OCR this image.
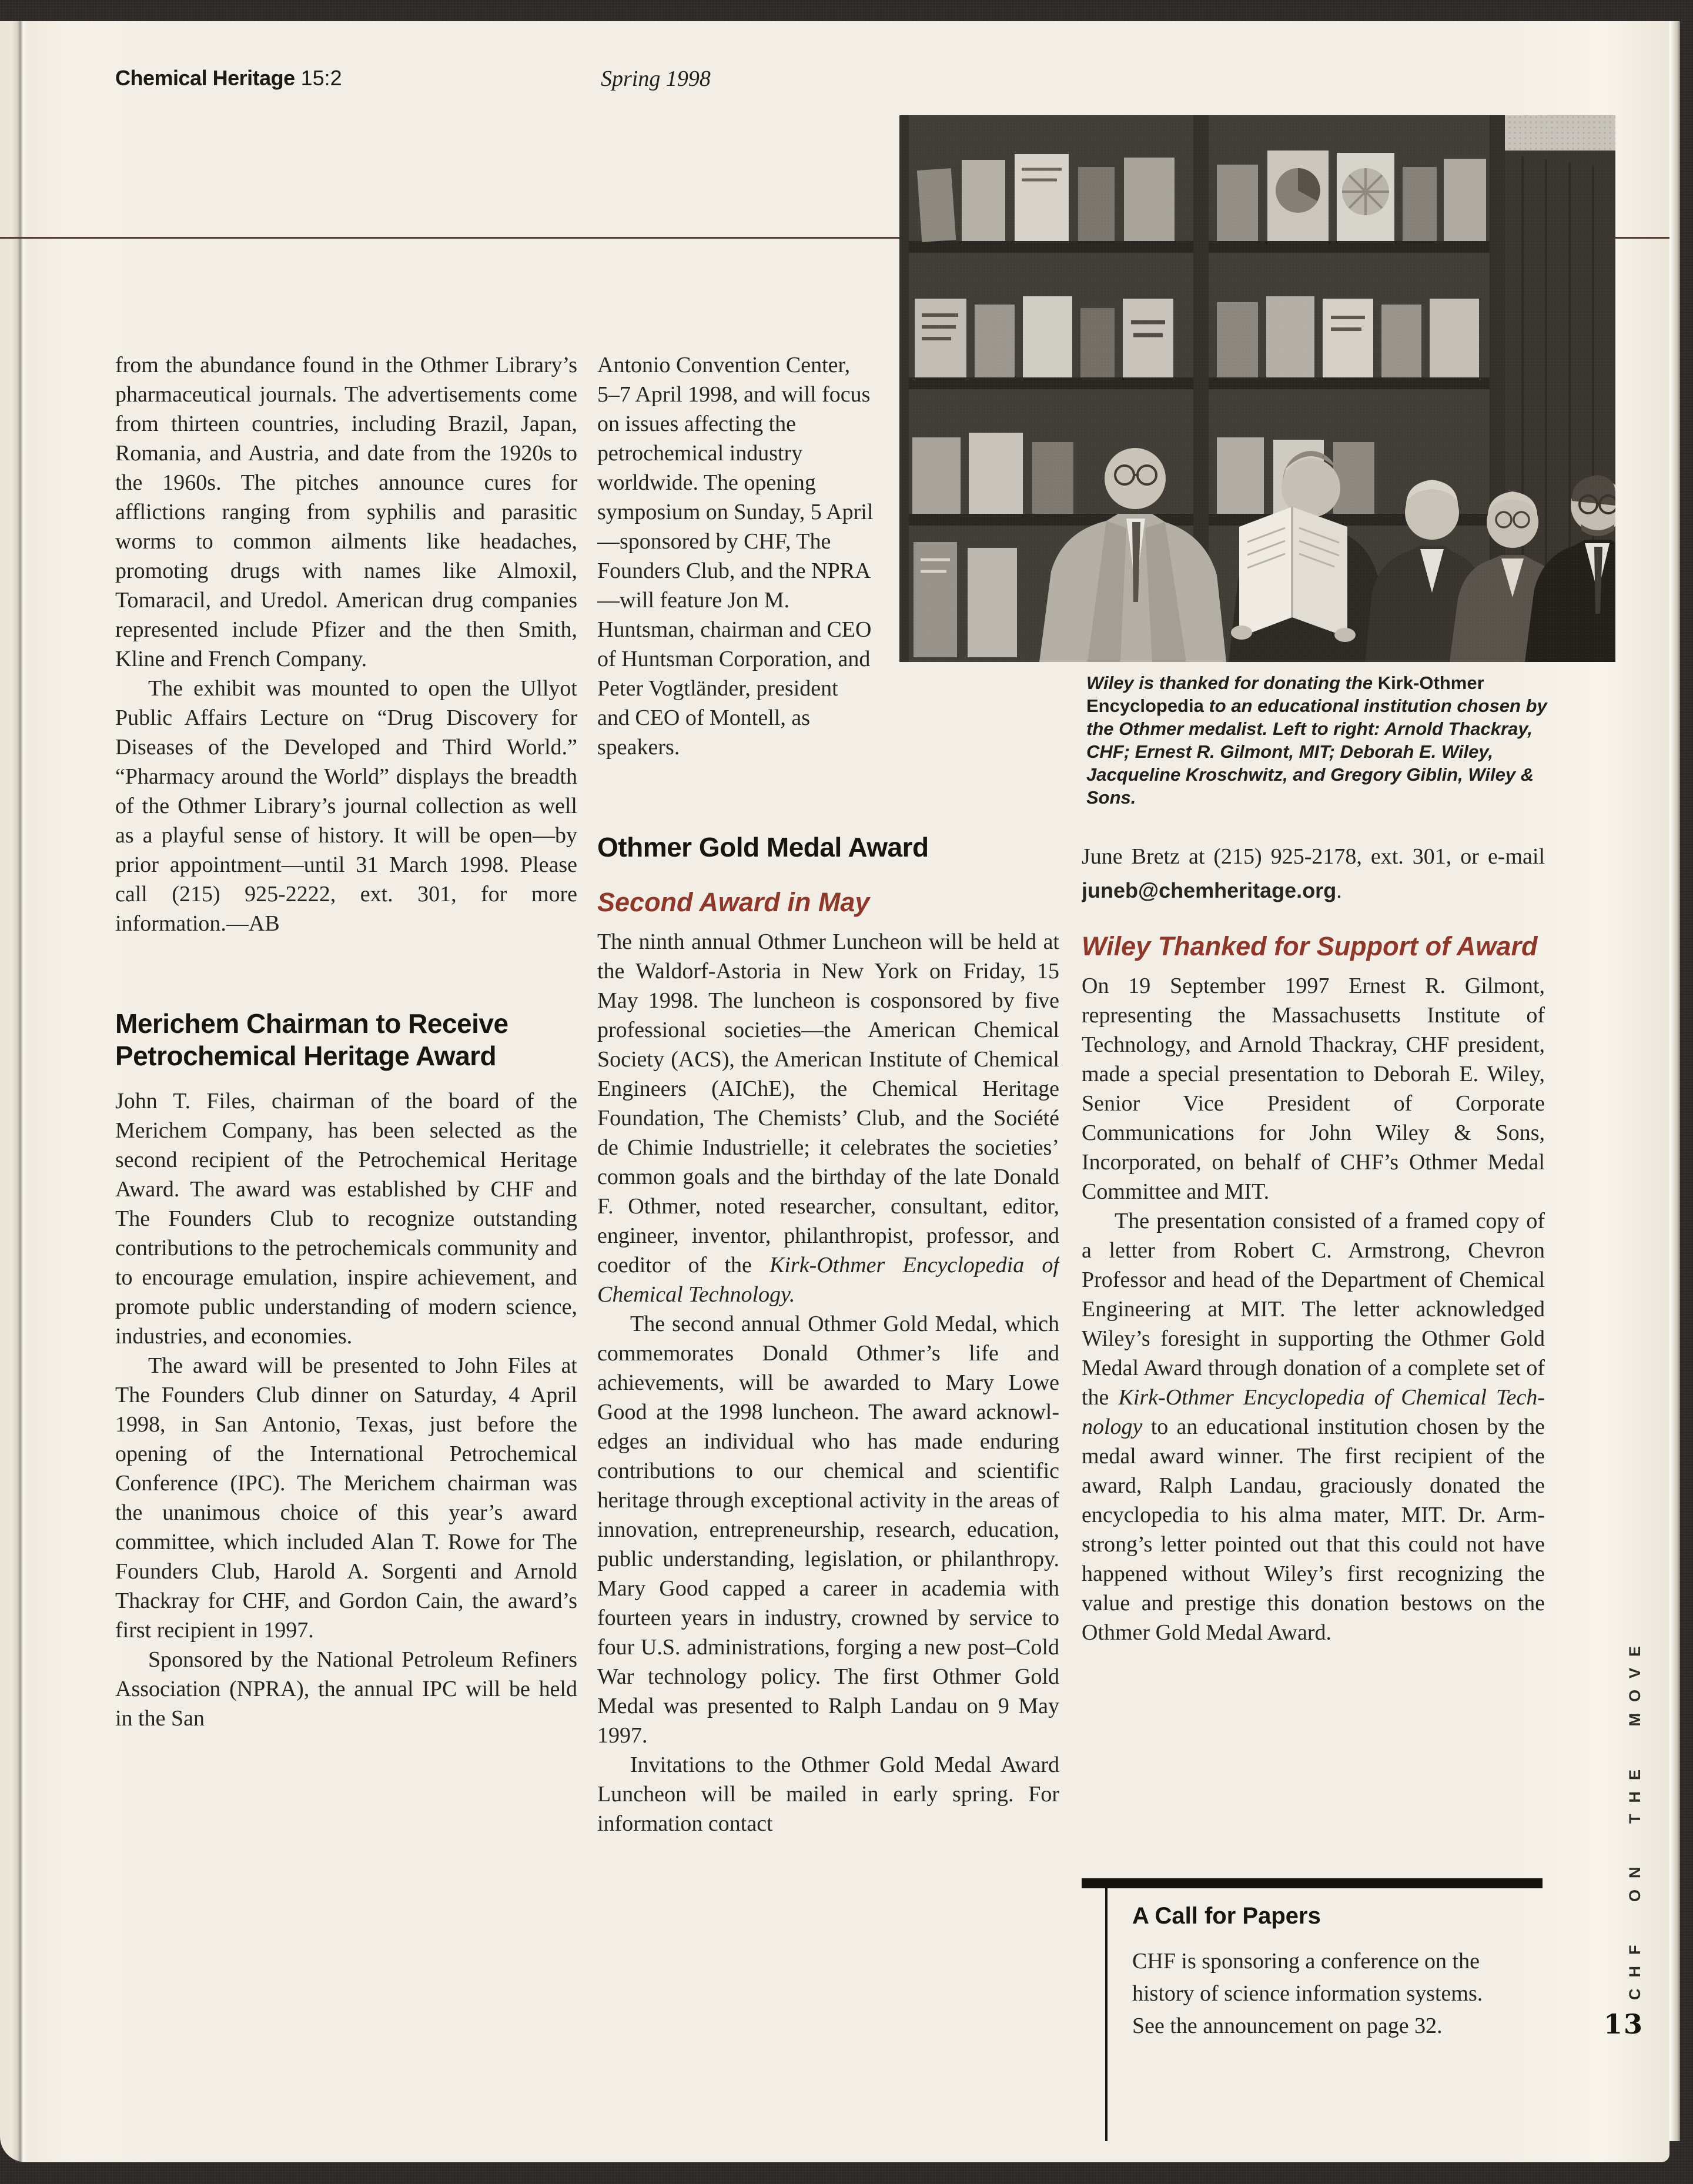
Chemical Heritage 15:2	Spring 1998
Wiley is thanked for donating the Kirk-Othmer Encyclopedia to an educational institution chosen by the Othmer medalist. Left to right: Arnold Thackray, CHF; Ernest R. Gilmont, MIT; Deborah E. Wiley, Jacqueline Kroschwitz, and Gregory Giblin, Wiley & Sons.
from the abundance found in the Othmer Library’s pharmaceutical journals. The advertisements come from thirteen countries, including Brazil, Japan, Romania, and Austria, and date from the 1920s to the 1960s. The pitches announce cures for afflictions ranging from syphilis and parasitic worms to common ailments like headaches, promoting drugs with names like Almoxil, Tomaracil, and Uredol. American drug companies represented include Pfizer and the then Smith, Kline and French Company.
The exhibit was mounted to open the Ullyot Public Affairs Lecture on “Drug Discovery for Diseases of the Developed and Third World.” “Pharmacy around the World” displays the breadth of the Othmer Library’s journal collection as well as a playful sense of history. It will be open—by prior appointment—until 31 March 1998. Please call (215) 925-2222, ext. 301, for more information.—AB
Merichem Chairman to Receive Petrochemical Heritage Award
John T. Files, chairman of the board of the Merichem Company, has been selected as the second recipient of the Petrochemical Heritage Award. The award was established by CHF and The Founders Club to recognize outstanding contributions to the petrochemicals community and to encourage emulation, inspire achievement, and promote public understanding of modern science, industries, and economies.
The award will be presented to John Files at The Founders Club dinner on Saturday, 4 April 1998, in San Antonio, Texas, just before the opening of the International Petrochemical Conference (IPC). The Merichem chairman was the unanimous choice of this year’s award committee, which included Alan T. Rowe for The Founders Club, Harold A. Sorgenti and Arnold Thackray for CHF, and Gordon Cain, the award’s first recipient in 1997.
Sponsored by the National Petroleum Refiners Association (NPRA), the annual IPC will be held in the San
Antonio Convention Center, 5–7 April 1998, and will focus on issues affecting the petrochemical industry worldwide. The opening symposium on Sunday, 5 April—sponsored by CHF, The Founders Club, and the NPRA—will feature Jon M. Huntsman, chairman and CEO of Huntsman Corporation, and Peter Vogtländer, president and CEO of Montell, as speakers.
Othmer Gold Medal Award
Second Award in May
The ninth annual Othmer Luncheon will be held at the Waldorf-Astoria in New York on Friday, 15 May 1998. The luncheon is cosponsored by five professional societies—the American Chemical Society (ACS), the American Institute of Chemical Engineers (AIChE), the Chemical Heritage Foundation, The Chemists’ Club, and the Société de Chimie Industrielle; it celebrates the societies’ common goals and the birthday of the late Donald F. Othmer, noted researcher, consultant, editor, engineer, inventor, philanthropist, professor, and coeditor of the Kirk-Othmer Encyclopedia of Chemical Technology.
The second annual Othmer Gold Medal, which commemorates Donald Othmer’s life and achievements, will be awarded to Mary Lowe Good at the 1998 luncheon. The award acknowledges an individual who has made enduring contributions to our chemical and scientific heritage through exceptional activity in the areas of innovation, entrepreneurship, research, education, public understanding, legislation, or philanthropy. Mary Good capped a career in academia with fourteen years in industry, crowned by service to four U.S. administrations, forging a new post–Cold War technology policy. The first Othmer Gold Medal was presented to Ralph Landau on 9 May 1997.
Invitations to the Othmer Gold Medal Award Luncheon will be mailed in early spring. For information contact
June Bretz at (215) 925-2178, ext. 301, or e-mail juneb@chemheritage.org.
Wiley Thanked for Support of Award
On 19 September 1997 Ernest R. Gilmont, representing the Massachusetts Institute of Technology, and Arnold Thackray, CHF president, made a special presentation to Deborah E. Wiley, Senior Vice President of Corporate Communications for John Wiley & Sons, Incorporated, on behalf of CHF’s Othmer Medal Committee and MIT.
The presentation consisted of a framed copy of a letter from Robert C. Armstrong, Chevron Professor and head of the Department of Chemical Engineering at MIT. The letter acknowledged Wiley’s foresight in supporting the Othmer Gold Medal Award through donation of a complete set of the Kirk-Othmer Encyclopedia of Chemical Technology to an educational institution chosen by the medal award winner. The first recipient of the award, Ralph Landau, graciously donated the encyclopedia to his alma mater, MIT. Dr. Armstrong’s letter pointed out that this could not have happened without Wiley’s first recognizing the value and prestige this donation bestows on the Othmer Gold Medal Award.
A Call for Papers
CHF is sponsoring a conference on the history of science information systems. See the announcement on page 32.
CHF ON THE MOVE
13
